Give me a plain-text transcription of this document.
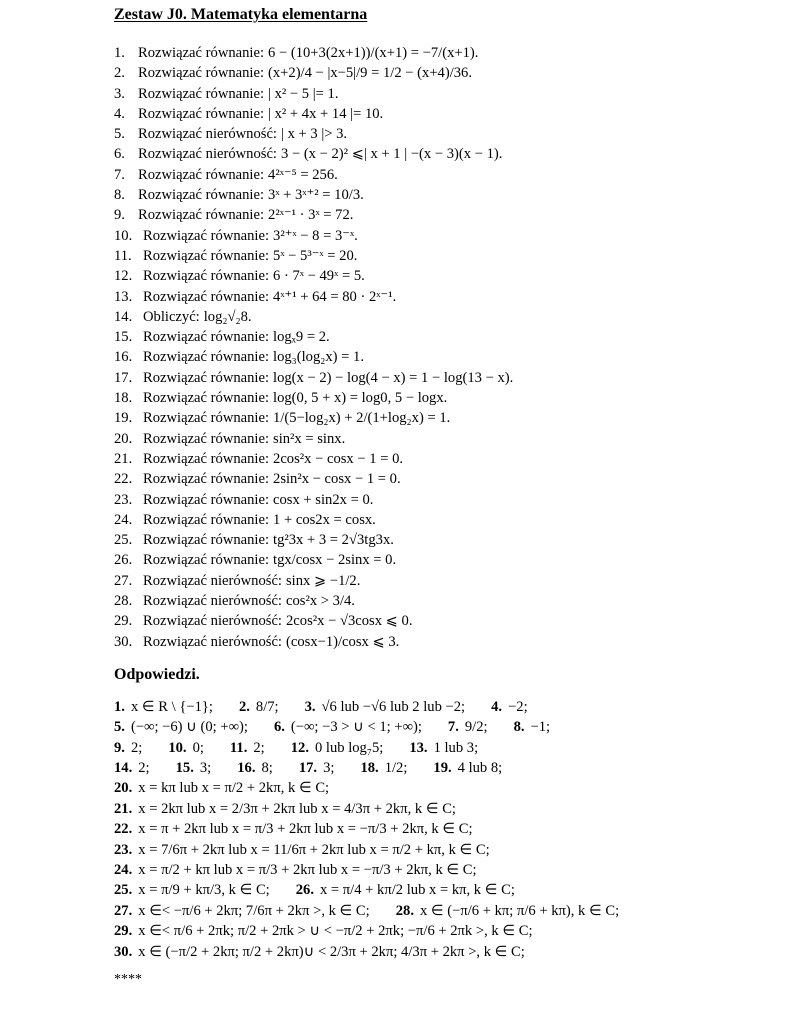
Zestaw J0. Matematyka elementarna
1. Rozwiązać równanie: 6 − (10+3(2x+1))/(x+1) = −7/(x+1).
2. Rozwiązać równanie: (x+2)/4 − |x−5|/9 = 1/2 − (x+4)/36.
3. Rozwiązać równanie: | x² − 5 |= 1.
4. Rozwiązać równanie: | x² + 4x + 14 |= 10.
5. Rozwiązać nierówność: | x + 3 |> 3.
6. Rozwiązać nierówność: 3 − (x − 2)² ⩽| x + 1 | −(x − 3)(x − 1).
7. Rozwiązać równanie: 4²ˣ⁻⁵ = 256.
8. Rozwiązać równanie: 3ˣ + 3ˣ⁺² = 10/3.
9. Rozwiązać równanie: 2²ˣ⁻¹ · 3ˣ = 72.
10. Rozwiązać równanie: 3²⁺ˣ − 8 = 3⁻ˣ.
11. Rozwiązać równanie: 5ˣ − 5³⁻ˣ = 20.
12. Rozwiązać równanie: 6 · 7ˣ − 49ˣ = 5.
13. Rozwiązać równanie: 4ˣ⁺¹ + 64 = 80 · 2ˣ⁻¹.
14. Obliczyć: log₂√₂8.
15. Rozwiązać równanie: logₓ9 = 2.
16. Rozwiązać równanie: log₃(log₂x) = 1.
17. Rozwiązać równanie: log(x − 2) − log(4 − x) = 1 − log(13 − x).
18. Rozwiązać równanie: log(0, 5 + x) = log0, 5 − logx.
19. Rozwiązać równanie: 1/(5−log₂x) + 2/(1+log₂x) = 1.
20. Rozwiązać równanie: sin²x = sinx.
21. Rozwiązać równanie: 2cos²x − cosx − 1 = 0.
22. Rozwiązać równanie: 2sin²x − cosx − 1 = 0.
23. Rozwiązać równanie: cosx + sin2x = 0.
24. Rozwiązać równanie: 1 + cos2x = cosx.
25. Rozwiązać równanie: tg²3x + 3 = 2√3tg3x.
26. Rozwiązać równanie: tgx/cosx − 2sinx = 0.
27. Rozwiązać nierówność: sinx ⩾ −1/2.
28. Rozwiązać nierówność: cos²x > 3/4.
29. Rozwiązać nierówność: 2cos²x − √3cosx ⩽ 0.
30. Rozwiązać nierówność: (cosx−1)/cosx ⩽ 3.
Odpowiedzi.
1. x ∈ R \ {−1}; 2. 8/7; 3. √6 lub −√6 lub 2 lub −2; 4. −2;
5. (−∞; −6) ∪ (0; +∞); 6. (−∞; −3 > ∪ < 1; +∞); 7. 9/2; 8. −1;
9. 2; 10. 0; 11. 2; 12. 0 lub log₇5; 13. 1 lub 3;
14. 2; 15. 3; 16. 8; 17. 3; 18. 1/2; 19. 4 lub 8;
20. x = kπ lub x = π/2 + 2kπ, k ∈ C;
21. x = 2kπ lub x = 2/3π + 2kπ lub x = 4/3π + 2kπ, k ∈ C;
22. x = π + 2kπ lub x = π/3 + 2kπ lub x = −π/3 + 2kπ, k ∈ C;
23. x = 7/6π + 2kπ lub x = 11/6π + 2kπ lub x = π/2 + kπ, k ∈ C;
24. x = π/2 + kπ lub x = π/3 + 2kπ lub x = −π/3 + 2kπ, k ∈ C;
25. x = π/9 + kπ/3, k ∈ C; 26. x = π/4 + kπ/2 lub x = kπ, k ∈ C;
27. x ∈< −π/6 + 2kπ; 7/6π + 2kπ >, k ∈ C; 28. x ∈ (−π/6 + kπ; π/6 + kπ), k ∈ C;
29. x ∈< π/6 + 2πk; π/2 + 2πk > ∪ < −π/2 + 2πk; −π/6 + 2πk >, k ∈ C;
30. x ∈ (−π/2 + 2kπ; π/2 + 2kπ)∪ < 2/3π + 2kπ; 4/3π + 2kπ >, k ∈ C;
****
